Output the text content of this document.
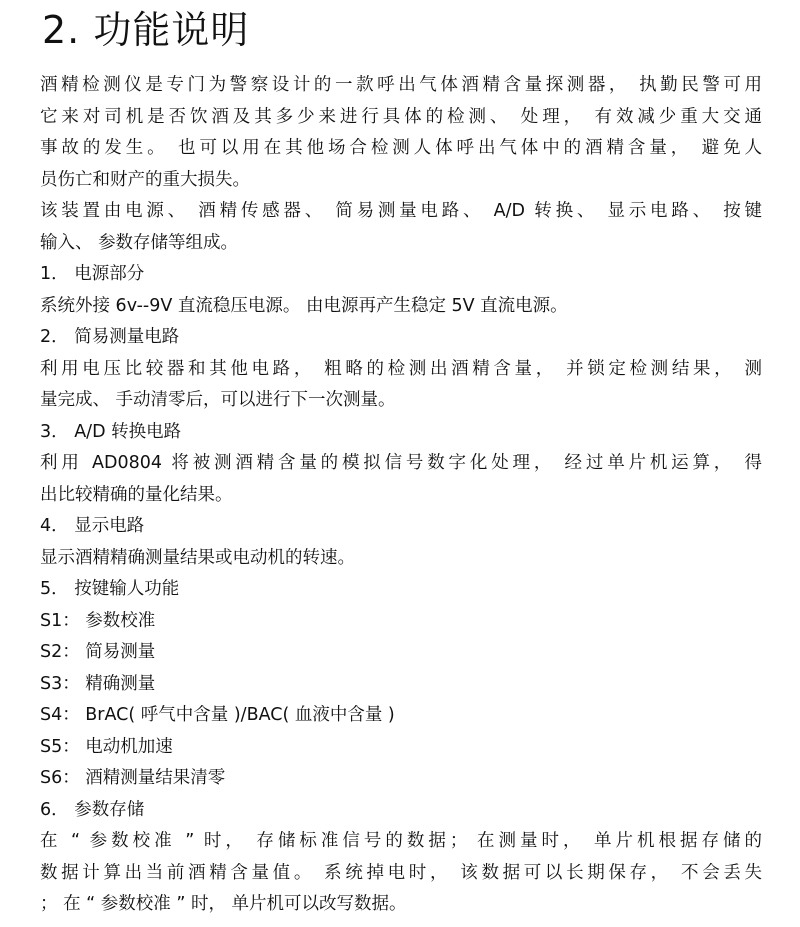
2. 功能说明
酒精检测仪是专门为警察设计的一款呼出气体酒精含量探测器， 执勤民警可用
它来对司机是否饮酒及其多少来进行具体的检测、 处理， 有效减少重大交通
事故的发生。 也可以用在其他场合检测人体呼出气体中的酒精含量， 避免人
员伤亡和财产的重大损失。
该装置由电源、 酒精传感器、 简易测量电路、 A/D 转换、 显示电路、 按键
输入、 参数存储等组成。
1． 电源部分
系统外接 6v--9V 直流稳压电源。 由电源再产生稳定 5V 直流电源。
2． 简易测量电路
利用电压比较器和其他电路， 粗略的检测出酒精含量， 并锁定检测结果， 测
量完成、 手动清零后，可以进行下一次测量。
3． A/D 转换电路
利用 AD0804 将被测酒精含量的模拟信号数字化处理， 经过单片机运算， 得
出比较精确的量化结果。
4． 显示电路
显示酒精精确测量结果或电动机的转速。
5． 按键输人功能
S1： 参数校准
S2： 简易测量
S3： 精确测量
S4： BrAC( 呼气中含量 )/BAC( 血液中含量 )
S5： 电动机加速
S6： 酒精测量结果清零
6． 参数存储
在 “ 参数校准 ” 时， 存储标准信号的数据； 在测量时， 单片机根据存储的
数据计算出当前酒精含量值。 系统掉电时， 该数据可以长期保存， 不会丢失
； 在 “ 参数校准 ” 时， 单片机可以改写数据。
